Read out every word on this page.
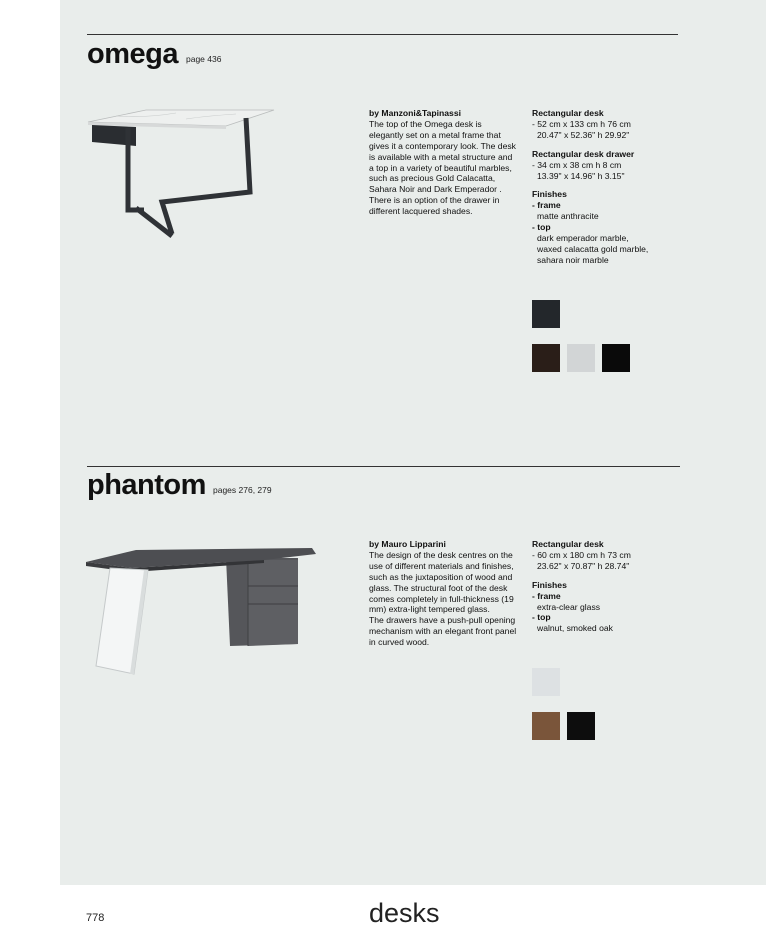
omega page 436
by Manzoni&Tapinassi
The top of the Omega desk is elegantly set on a metal frame that gives it a contemporary look. The desk is available with a metal structure and a top in a variety of beautiful marbles, such as precious Gold Calacatta, Sahara Noir and Dark Emperador . There is an option of the drawer in different lacquered shades.
Rectangular desk
- 52 cm x 133 cm h 76 cm
20.47" x 52.36" h 29.92"
Rectangular desk drawer
- 34 cm x 38 cm h 8 cm
13.39" x 14.96" h 3.15"
Finishes
- frame
matte anthracite
- top
dark emperador marble,
waxed calacatta gold marble,
sahara noir marble
phantom pages 276, 279
by Mauro Lipparini
The design of the desk centres on the use of different materials and finishes, such as the juxtaposition of wood and glass. The structural foot of the desk comes completely in full-thickness (19 mm) extra-light tempered glass.
The drawers have a push-pull opening mechanism with an elegant front panel in curved wood.
Rectangular desk
- 60 cm x 180 cm h 73 cm
23.62" x 70.87" h 28.74"
Finishes
- frame
extra-clear glass
- top
walnut, smoked oak
778	desks
